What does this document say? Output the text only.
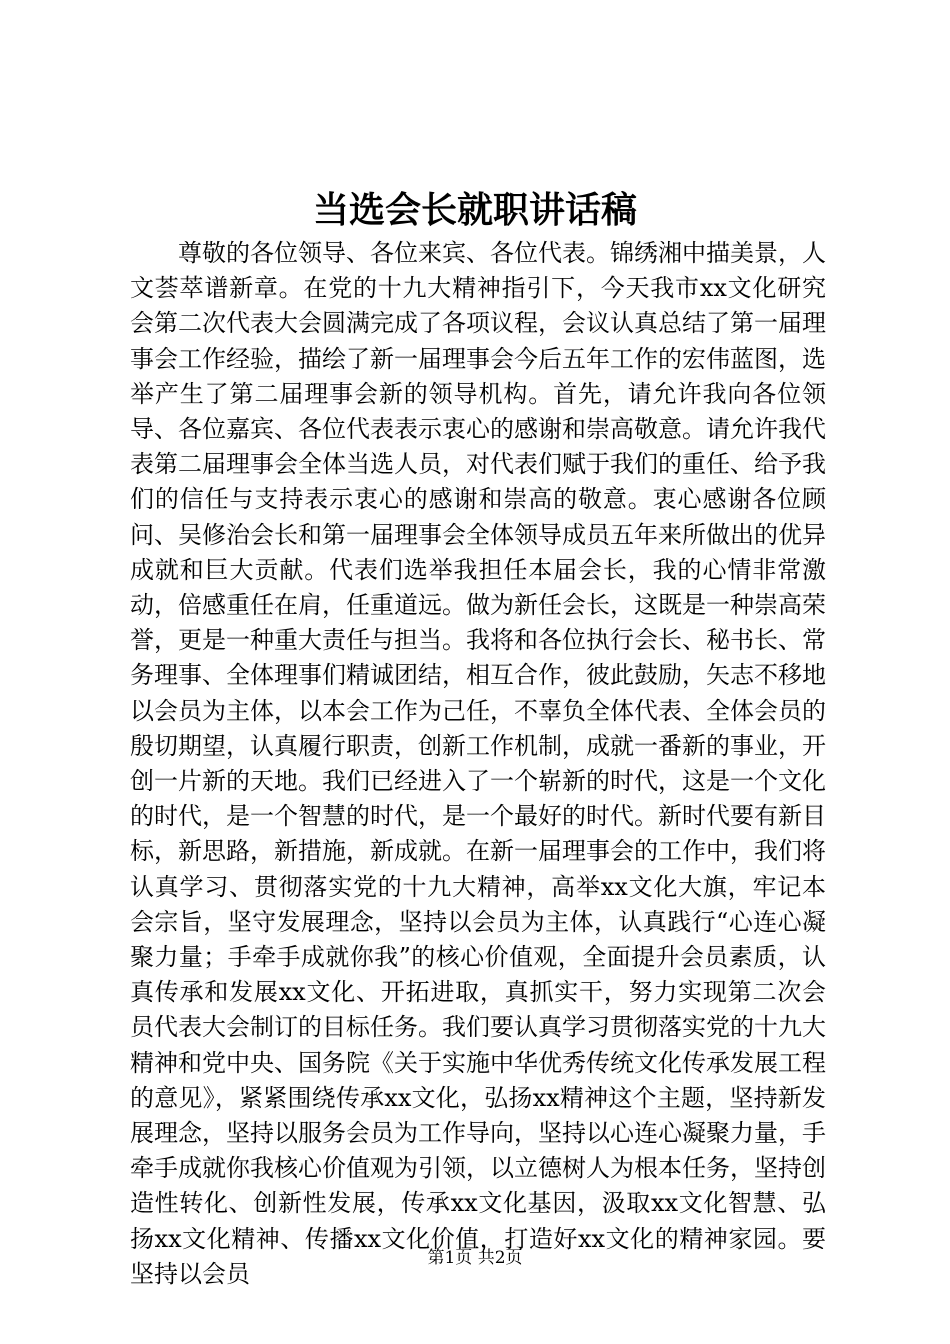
当选会长就职讲话稿

尊敬的各位领导、各位来宾、各位代表。锦绣湘中描美景，人文荟萃谱新章。在党的十九大精神指引下，今天我市xx文化研究会第二次代表大会圆满完成了各项议程，会议认真总结了第一届理事会工作经验，描绘了新一届理事会今后五年工作的宏伟蓝图，选举产生了第二届理事会新的领导机构。首先，请允许我向各位领导、各位嘉宾、各位代表表示衷心的感谢和崇高敬意。请允许我代表第二届理事会全体当选人员，对代表们赋于我们的重任、给予我们的信任与支持表示衷心的感谢和崇高的敬意。衷心感谢各位顾问、吴修治会长和第一届理事会全体领导成员五年来所做出的优异成就和巨大贡献。代表们选举我担任本届会长，我的心情非常激动，倍感重任在肩，任重道远。做为新任会长，这既是一种崇高荣誉，更是一种重大责任与担当。我将和各位执行会长、秘书长、常务理事、全体理事们精诚团结，相互合作，彼此鼓励，矢志不移地以会员为主体，以本会工作为己任，不辜负全体代表、全体会员的殷切期望，认真履行职责，创新工作机制，成就一番新的事业，开创一片新的天地。我们已经进入了一个崭新的时代，这是一个文化的时代，是一个智慧的时代，是一个最好的时代。新时代要有新目标，新思路，新措施，新成就。在新一届理事会的工作中，我们将认真学习、贯彻落实党的十九大精神，高举xx文化大旗，牢记本会宗旨，坚守发展理念，坚持以会员为主体，认真践行“心连心凝聚力量；手牵手成就你我”的核心价值观，全面提升会员素质，认真传承和发展xx文化、开拓进取，真抓实干，努力实现第二次会员代表大会制订的目标任务。我们要认真学习贯彻落实党的十九大精神和党中央、国务院《关于实施中华优秀传统文化传承发展工程的意见》，紧紧围绕传承xx文化，弘扬xx精神这个主题，坚持新发展理念，坚持以服务会员为工作导向，坚持以心连心凝聚力量，手牵手成就你我核心价值观为引领，以立德树人为根本任务，坚持创造性转化、创新性发展，传承xx文化基因，汲取xx文化智慧、弘扬xx文化精神、传播xx文化价值，打造好xx文化的精神家园。要坚持以会员

第1页 共2页
